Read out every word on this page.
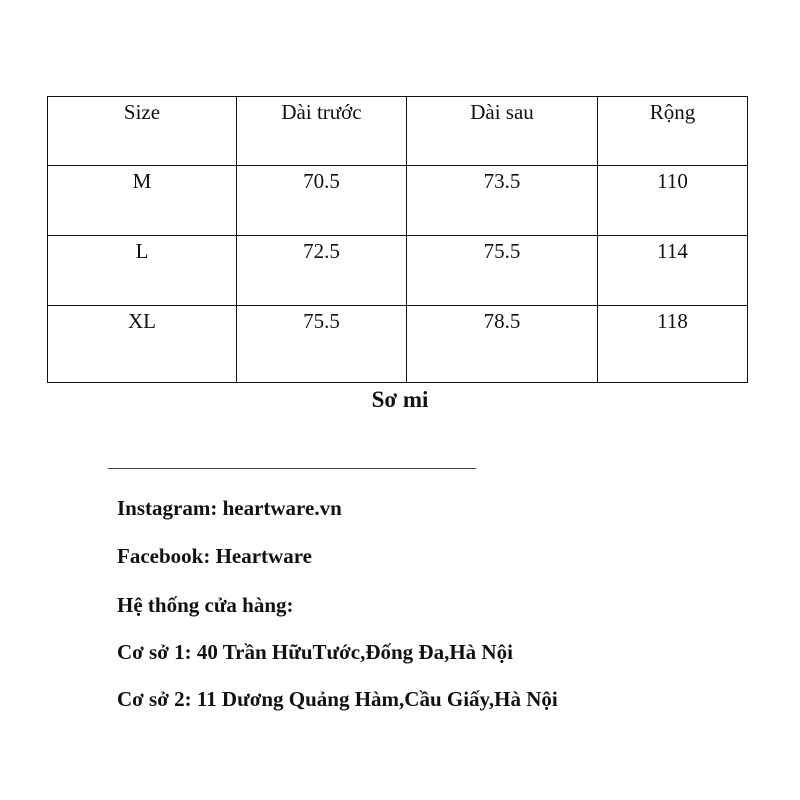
Size	Dài trước	Dài sau	Rộng
M	70.5	73.5	110
L	72.5	75.5	114
XL	75.5	78.5	118
Sơ mi
______________________________________________
Instagram: heartware.vn
Facebook: Heartware
Hệ thống cửa hàng:
Cơ sở 1: 40 Trần HữuTước,Đống Đa,Hà Nội
Cơ sở 2: 11 Dương Quảng Hàm,Cầu Giấy,Hà Nội
